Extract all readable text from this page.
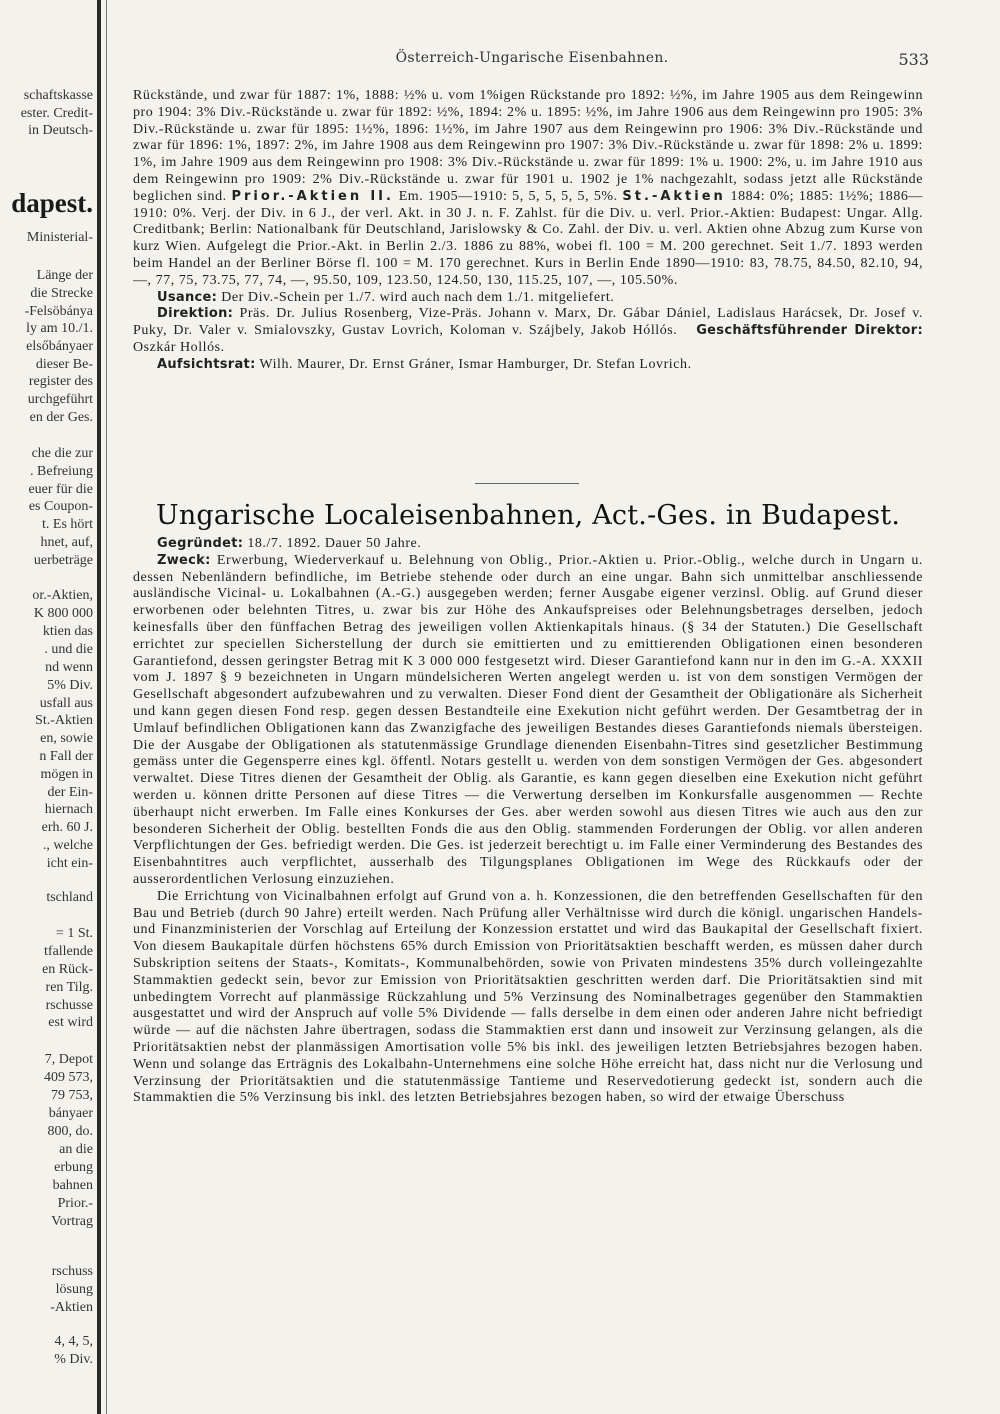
schaftskasse
ester. Credit-
in Deutsch-
dapest.
Ministerial-
Länge der
die Strecke
-Felsöbánya
ly am 10./1.
elsőbányaer
dieser Be-
register des
urchgeführt
en der Ges.
che die zur
. Befreiung
euer für die
es Coupon-
t. Es hört
hnet, auf,
uerbeträge
or.-Aktien,
K 800 000
ktien das
. und die
nd wenn
5% Div.
usfall aus
St.-Aktien
en, sowie
n Fall der
mögen in
der Ein-
hiernach
erh. 60 J.
., welche
icht ein-
tschland
= 1 St.
tfallende
en Rück-
ren Tilg.
rschusse
est wird
7, Depot
409 573,
79 753,
bányaer
800, do.
an die
erbung
bahnen
Prior.-
Vortrag
rschuss
lösung
-Aktien
4, 4, 5,
% Div.
Österreich-Ungarische Eisenbahnen.	533

Rückstände, und zwar für 1887: 1%, 1888: ½% u. vom 1%igen Rückstande pro 1892: ½%, im Jahre 1905 aus dem Reingewinn pro 1904: 3% Div.-Rückstände u. zwar für 1892: ½%, 1894: 2% u. 1895: ½%, im Jahre 1906 aus dem Reingewinn pro 1905: 3% Div.-Rückstände u. zwar für 1895: 1½%, 1896: 1½%, im Jahre 1907 aus dem Reingewinn pro 1906: 3% Div.-Rückstände und zwar für 1896: 1%, 1897: 2%, im Jahre 1908 aus dem Reingewinn pro 1907: 3% Div.-Rückstände u. zwar für 1898: 2% u. 1899: 1%, im Jahre 1909 aus dem Reingewinn pro 1908: 3% Div.-Rückstände u. zwar für 1899: 1% u. 1900: 2%, u. im Jahre 1910 aus dem Reingewinn pro 1909: 2% Div.-Rückstände u. zwar für 1901 u. 1902 je 1% nachgezahlt, sodass jetzt alle Rückstände beglichen sind. Prior.-Aktien II. Em. 1905—1910: 5, 5, 5, 5, 5, 5%. St.-Aktien 1884: 0%; 1885: 1½%; 1886—1910: 0%. Verj. der Div. in 6 J., der verl. Akt. in 30 J. n. F. Zahlst. für die Div. u. verl. Prior.-Aktien: Budapest: Ungar. Allg. Creditbank; Berlin: Nationalbank für Deutschland, Jarislowsky & Co. Zahl. der Div. u. verl. Aktien ohne Abzug zum Kurse von kurz Wien. Aufgelegt die Prior.-Akt. in Berlin 2./3. 1886 zu 88%, wobei fl. 100 = M. 200 gerechnet. Seit 1./7. 1893 werden beim Handel an der Berliner Börse fl. 100 = M. 170 gerechnet. Kurs in Berlin Ende 1890—1910: 83, 78.75, 84.50, 82.10, 94, —, 77, 75, 73.75, 77, 74, —, 95.50, 109, 123.50, 124.50, 130, 115.25, 107, —, 105.50%.

Usance: Der Div.-Schein per 1./7. wird auch nach dem 1./1. mitgeliefert.

Direktion: Präs. Dr. Julius Rosenberg, Vize-Präs. Johann v. Marx, Dr. Gábar Dániel, Ladislaus Harácsek, Dr. Josef v. Puky, Dr. Valer v. Smialovszky, Gustav Lovrich, Koloman v. Szájbely, Jakob Hóllós. Geschäftsführender Direktor: Oszkár Hollós.

Aufsichtsrat: Wilh. Maurer, Dr. Ernst Gráner, Ismar Hamburger, Dr. Stefan Lovrich.

Ungarische Localeisenbahnen, Act.-Ges. in Budapest.

Gegründet: 18./7. 1892. Dauer 50 Jahre.

Zweck: Erwerbung, Wiederverkauf u. Belehnung von Oblig., Prior.-Aktien u. Prior.-Oblig., welche durch in Ungarn u. dessen Nebenländern befindliche, im Betriebe stehende oder durch an eine ungar. Bahn sich unmittelbar anschliessende ausländische Vicinal- u. Lokalbahnen (A.-G.) ausgegeben werden; ferner Ausgabe eigener verzinsl. Oblig. auf Grund dieser erworbenen oder belehnten Titres, u. zwar bis zur Höhe des Ankaufspreises oder Belehnungsbetrages derselben, jedoch keinesfalls über den fünffachen Betrag des jeweiligen vollen Aktienkapitals hinaus. (§ 34 der Statuten.) Die Gesellschaft errichtet zur speciellen Sicherstellung der durch sie emittierten und zu emittierenden Obligationen einen besonderen Garantiefond, dessen geringster Betrag mit K 3 000 000 festgesetzt wird. Dieser Garantiefond kann nur in den im G.-A. XXXII vom J. 1897 § 9 bezeichneten in Ungarn mündelsicheren Werten angelegt werden u. ist von dem sonstigen Vermögen der Gesellschaft abgesondert aufzubewahren und zu verwalten. Dieser Fond dient der Gesamtheit der Obligationäre als Sicherheit und kann gegen diesen Fond resp. gegen dessen Bestandteile eine Exekution nicht geführt werden. Der Gesamtbetrag der in Umlauf befindlichen Obligationen kann das Zwanzigfache des jeweiligen Bestandes dieses Garantiefonds niemals übersteigen. Die der Ausgabe der Obligationen als statutenmässige Grundlage dienenden Eisenbahn-Titres sind gesetzlicher Bestimmung gemäss unter die Gegensperre eines kgl. öffentl. Notars gestellt u. werden von dem sonstigen Vermögen der Ges. abgesondert verwaltet. Diese Titres dienen der Gesamtheit der Oblig. als Garantie, es kann gegen dieselben eine Exekution nicht geführt werden u. können dritte Personen auf diese Titres — die Verwertung derselben im Konkursfalle ausgenommen — Rechte überhaupt nicht erwerben. Im Falle eines Konkurses der Ges. aber werden sowohl aus diesen Titres wie auch aus den zur besonderen Sicherheit der Oblig. bestellten Fonds die aus den Oblig. stammenden Forderungen der Oblig. vor allen anderen Verpflichtungen der Ges. befriedigt werden. Die Ges. ist jederzeit berechtigt u. im Falle einer Verminderung des Bestandes des Eisenbahntitres auch verpflichtet, ausserhalb des Tilgungsplanes Obligationen im Wege des Rückkaufs oder der ausserordentlichen Verlosung einzuziehen.

Die Errichtung von Vicinalbahnen erfolgt auf Grund von a. h. Konzessionen, die den betreffenden Gesellschaften für den Bau und Betrieb (durch 90 Jahre) erteilt werden. Nach Prüfung aller Verhältnisse wird durch die königl. ungarischen Handels- und Finanzministerien der Vorschlag auf Erteilung der Konzession erstattet und wird das Baukapital der Gesellschaft fixiert. Von diesem Baukapitale dürfen höchstens 65% durch Emission von Prioritätsaktien beschafft werden, es müssen daher durch Subskription seitens der Staats-, Komitats-, Kommunalbehörden, sowie von Privaten mindestens 35% durch volleingezahlte Stammaktien gedeckt sein, bevor zur Emission von Prioritätsaktien geschritten werden darf. Die Prioritätsaktien sind mit unbedingtem Vorrecht auf planmässige Rückzahlung und 5% Verzinsung des Nominalbetrages gegenüber den Stammaktien ausgestattet und wird der Anspruch auf volle 5% Dividende — falls derselbe in dem einen oder anderen Jahre nicht befriedigt würde — auf die nächsten Jahre übertragen, sodass die Stammaktien erst dann und insoweit zur Verzinsung gelangen, als die Prioritätsaktien nebst der planmässigen Amortisation volle 5% bis inkl. des jeweiligen letzten Betriebsjahres bezogen haben. Wenn und solange das Erträgnis des Lokalbahn-Unternehmens eine solche Höhe erreicht hat, dass nicht nur die Verlosung und Verzinsung der Prioritätsaktien und die statutenmässige Tantieme und Reservedotierung gedeckt ist, sondern auch die Stammaktien die 5% Verzinsung bis inkl. des letzten Betriebsjahres bezogen haben, so wird der etwaige Überschuss
